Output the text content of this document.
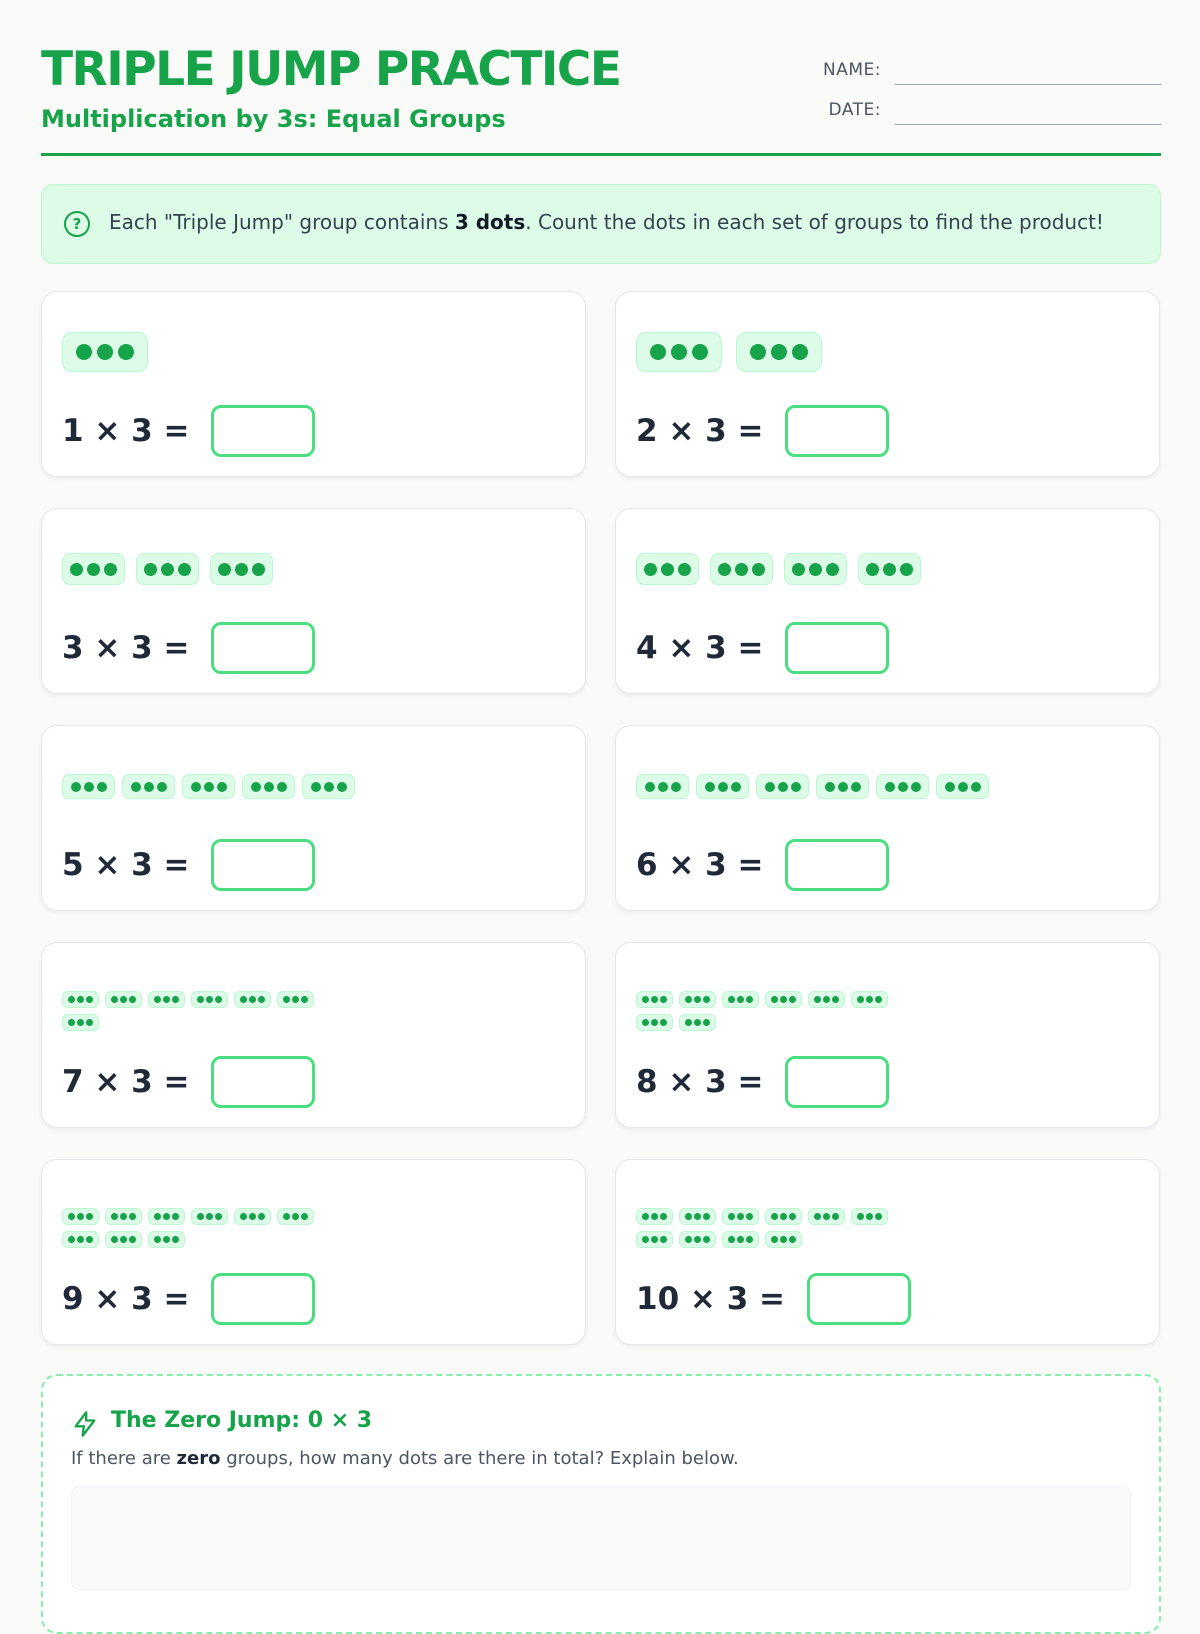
TRIPLE JUMP PRACTICE
Multiplication by 3s: Equal Groups
NAME:
DATE:
?	Each "Triple Jump" group contains 3 dots. Count the dots in each set of groups to find the product!
1 × 3 =	2 × 3 =
3 × 3 =	4 × 3 =
5 × 3 =	6 × 3 =
7 × 3 =	8 × 3 =
9 × 3 =	10 × 3 =
The Zero Jump: 0 × 3
If there are zero groups, how many dots are there in total? Explain below.
